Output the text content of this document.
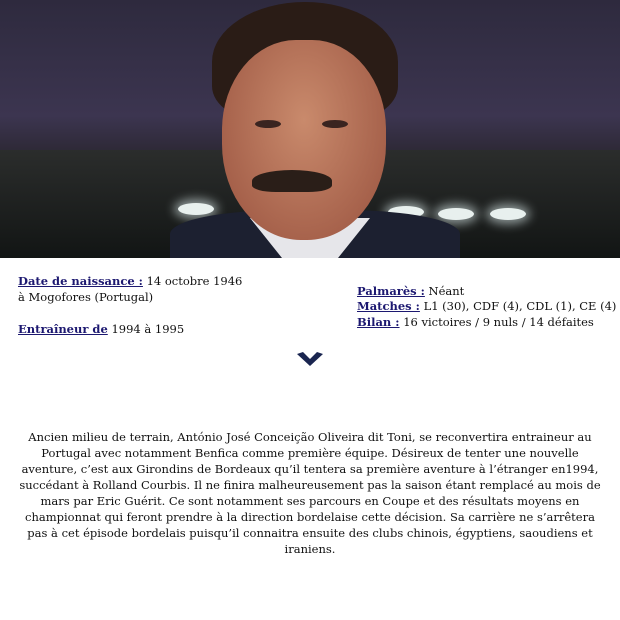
Date de naissance : 14 octobre 1946 à Mogofores (Portugal)
Entraîneur de 1994 à 1995
Palmarès : Néant
Matches : L1 (30), CDF (4), CDL (1), CE (4)
Bilan : 16 victoires / 9 nuls / 14 défaites
Ancien milieu de terrain, António José Conceição Oliveira dit Toni, se reconvertira entraineur au Portugal avec notamment Benfica comme première équipe. Désireux de tenter une nouvelle aventure, c’est aux Girondins de Bordeaux qu’il tentera sa première aventure à l’étranger en1994, succédant à Rolland Courbis. Il ne finira malheureusement pas la saison étant remplacé au mois de mars par Eric Guérit. Ce sont notamment ses parcours en Coupe et des résultats moyens en championnat qui feront prendre à la direction bordelaise cette décision. Sa carrière ne s’arrêtera pas à cet épisode bordelais puisqu’il connaitra ensuite des clubs chinois, égyptiens, saoudiens et iraniens.
